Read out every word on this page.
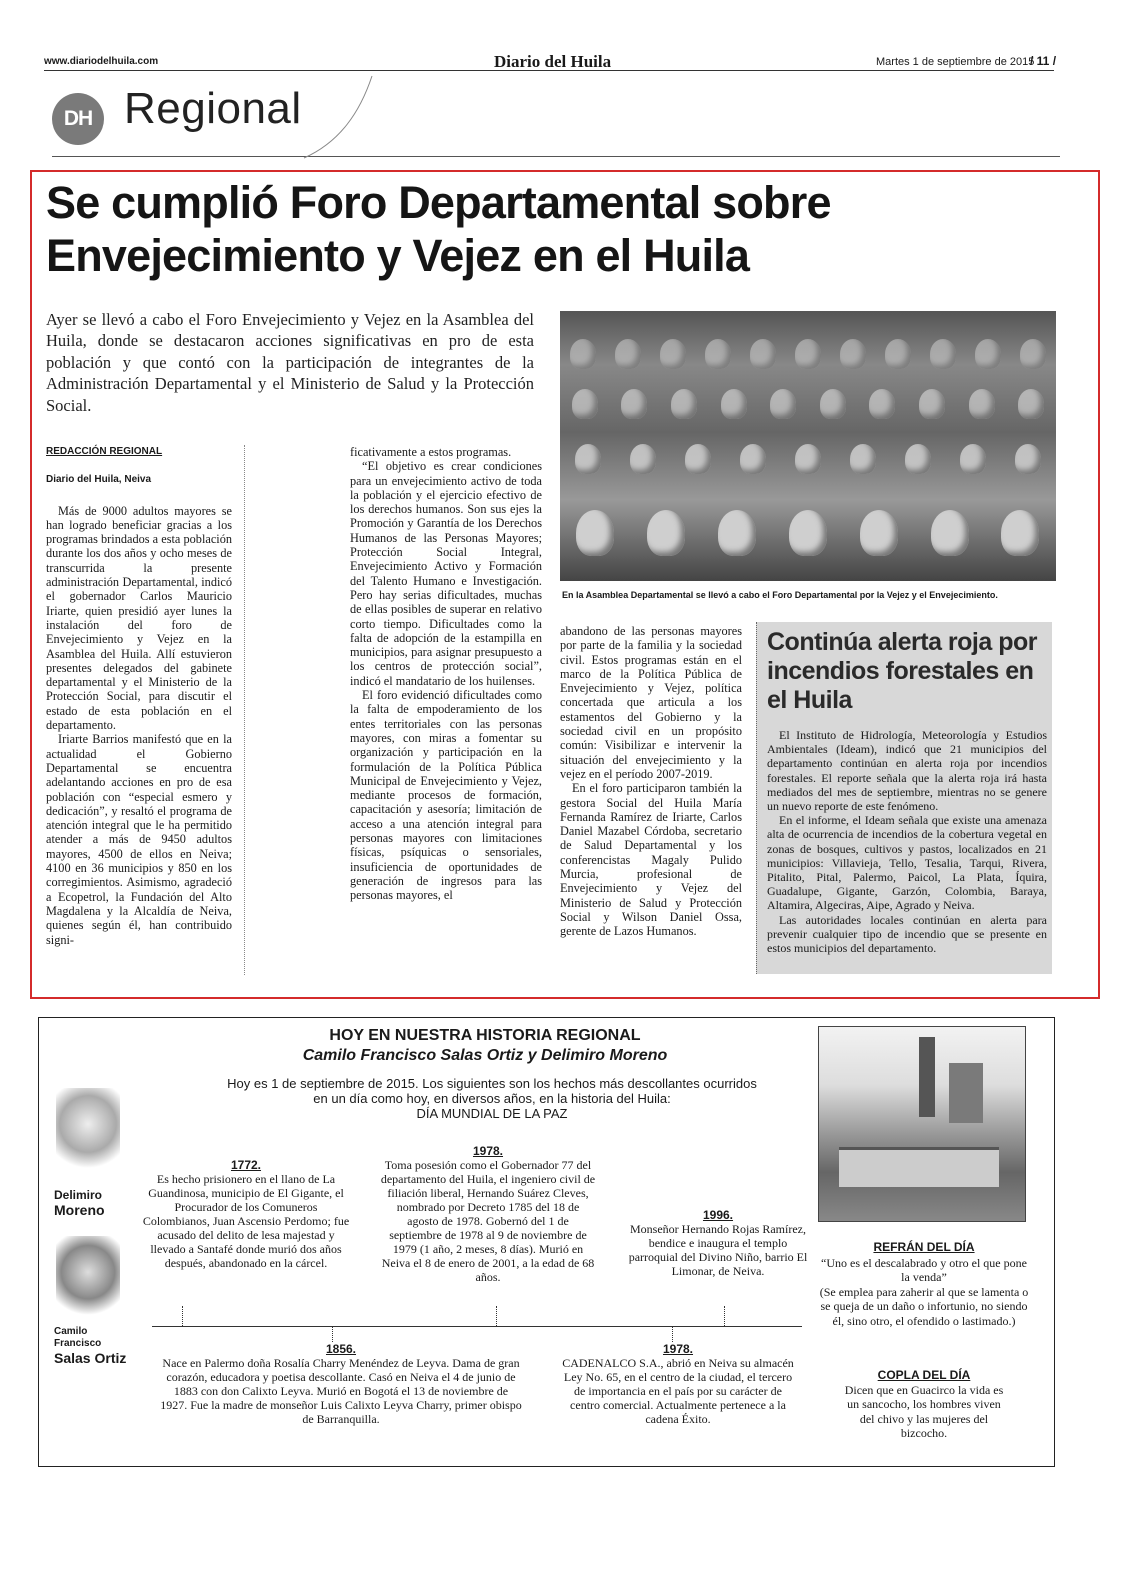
www.diariodelhuila.com	Diario del Huila	Martes 1 de septiembre de 2015
/ 11 /
DH Regional
Se cumplió Foro Departamental sobre
Envejecimiento y Vejez en el Huila
Ayer se llevó a cabo el Foro Envejecimiento y Vejez en la Asamblea del Huila, donde se destacaron acciones significativas en pro de esta población y que contó con la participación de integrantes de la Administración Departamental y el Ministerio de Salud y la Protección Social.
En la Asamblea Departamental se llevó a cabo el Foro Departamental por la Vejez y el Envejecimiento.
REDACCIÓN REGIONAL
Diario del Huila, Neiva

Más de 9000 adultos mayores se han logrado beneficiar gracias a los programas brindados a esta población durante los dos años y ocho meses de transcurrida la presente administración Departamental, indicó el gobernador Carlos Mauricio Iriarte, quien presidió ayer lunes la instalación del foro de Envejecimiento y Vejez en la Asamblea del Huila. Allí estuvieron presentes delegados del gabinete departamental y el Ministerio de la Protección Social, para discutir el estado de esta población en el departamento.

Iriarte Barrios manifestó que en la actualidad el Gobierno Departamental se encuentra adelantando acciones en pro de esa población con “especial esmero y dedicación”, y resaltó el programa de atención integral que le ha permitido atender a más de 9450 adultos mayores, 4500 de ellos en Neiva; 4100 en 36 municipios y 850 en los corregimientos. Asimismo, agradeció a Ecopetrol, la Fundación del Alto Magdalena y la Alcaldía de Neiva, quienes según él, han contribuido signi-

ficativamente a estos programas.

“El objetivo es crear condiciones para un envejecimiento activo de toda la población y el ejercicio efectivo de los derechos humanos. Son sus ejes la Promoción y Garantía de los Derechos Humanos de las Personas Mayores; Protección Social Integral, Envejecimiento Activo y Formación del Talento Humano e Investigación. Pero hay serias dificultades, muchas de ellas posibles de superar en relativo corto tiempo. Dificultades como la falta de adopción de la estampilla en municipios, para asignar presupuesto a los centros de protección social”, indicó el mandatario de los huilenses.

El foro evidenció dificultades como la falta de empoderamiento de los entes territoriales con las personas mayores, con miras a fomentar su organización y participación en la formulación de la Política Pública Municipal de Envejecimiento y Vejez, mediante procesos de formación, capacitación y asesoría; limitación de acceso a una atención integral para personas mayores con limitaciones físicas, psíquicas o sensoriales, insuficiencia de oportunidades de generación de ingresos para las personas mayores, el

abandono de las personas mayores por parte de la familia y la sociedad civil. Estos programas están en el marco de la Política Pública de Envejecimiento y Vejez, política concertada que articula a los estamentos del Gobierno y la sociedad civil en un propósito común: Visibilizar e intervenir la situación del envejecimiento y la vejez en el período 2007-2019.

En el foro participaron también la gestora Social del Huila María Fernanda Ramírez de Iriarte, Carlos Daniel Mazabel Córdoba, secretario de Salud Departamental y los conferencistas Magaly Pulido Murcia, profesional de Envejecimiento y Vejez del Ministerio de Salud y Protección Social y Wilson Daniel Ossa, gerente de Lazos Humanos.

Continúa alerta roja por incendios forestales en el Huila

El Instituto de Hidrología, Meteorología y Estudios Ambientales (Ideam), indicó que 21 municipios del departamento continúan en alerta roja por incendios forestales. El reporte señala que la alerta roja irá hasta mediados del mes de septiembre, mientras no se genere un nuevo reporte de este fenómeno.

En el informe, el Ideam señala que existe una amenaza alta de ocurrencia de incendios de la cobertura vegetal en zonas de bosques, cultivos y pastos, localizados en 21 municipios: Villavieja, Tello, Tesalia, Tarqui, Rivera, Pitalito, Pital, Palermo, Paicol, La Plata, Íquira, Guadalupe, Gigante, Garzón, Colombia, Baraya, Altamira, Algeciras, Aipe, Agrado y Neiva.

Las autoridades locales continúan en alerta para prevenir cualquier tipo de incendio que se presente en estos municipios del departamento.

HOY EN NUESTRA HISTORIA REGIONAL
Camilo Francisco Salas Ortiz y Delimiro Moreno
Hoy es 1 de septiembre de 2015. Los siguientes son los hechos más descollantes ocurridos en un día como hoy, en diversos años, en la historia del Huila:
DÍA MUNDIAL DE LA PAZ
Delimiro
Moreno
Camilo
Francisco
Salas Ortiz
1772.
Es hecho prisionero en el llano de La Guandinosa, municipio de El Gigante, el Procurador de los Comuneros Colombianos, Juan Ascensio Perdomo; fue acusado del delito de lesa majestad y llevado a Santafé donde murió dos años después, abandonado en la cárcel.
1978.
Toma posesión como el Gobernador 77 del departamento del Huila, el ingeniero civil de filiación liberal, Hernando Suárez Cleves, nombrado por Decreto 1785 del 18 de agosto de 1978. Gobernó del 1 de septiembre de 1978 al 9 de noviembre de 1979 (1 año, 2 meses, 8 días). Murió en Neiva el 8 de enero de 2001, a la edad de 68 años.
1996.
Monseñor Hernando Rojas Ramírez, bendice e inaugura el templo parroquial del Divino Niño, barrio El Limonar, de Neiva.
1856.
Nace en Palermo doña Rosalía Charry Menéndez de Leyva. Dama de gran corazón, educadora y poetisa descollante. Casó en Neiva el 4 de junio de 1883 con don Calixto Leyva. Murió en Bogotá el 13 de noviembre de 1927. Fue la madre de monseñor Luis Calixto Leyva Charry, primer obispo de Barranquilla.
1978.
CADENALCO S.A., abrió en Neiva su almacén Ley No. 65, en el centro de la ciudad, el tercero de importancia en el país por su carácter de centro comercial. Actualmente pertenece a la cadena Éxito.
REFRÁN DEL DÍA
“Uno es el descalabrado y otro el que pone la venda”
(Se emplea para zaherir al que se lamenta o se queja de un daño o infortunio, no siendo él, sino otro, el ofendido o lastimado.)
COPLA DEL DÍA
Dicen que en Guacirco la vida es un sancocho, los hombres viven del chivo y las mujeres del bizcocho.
